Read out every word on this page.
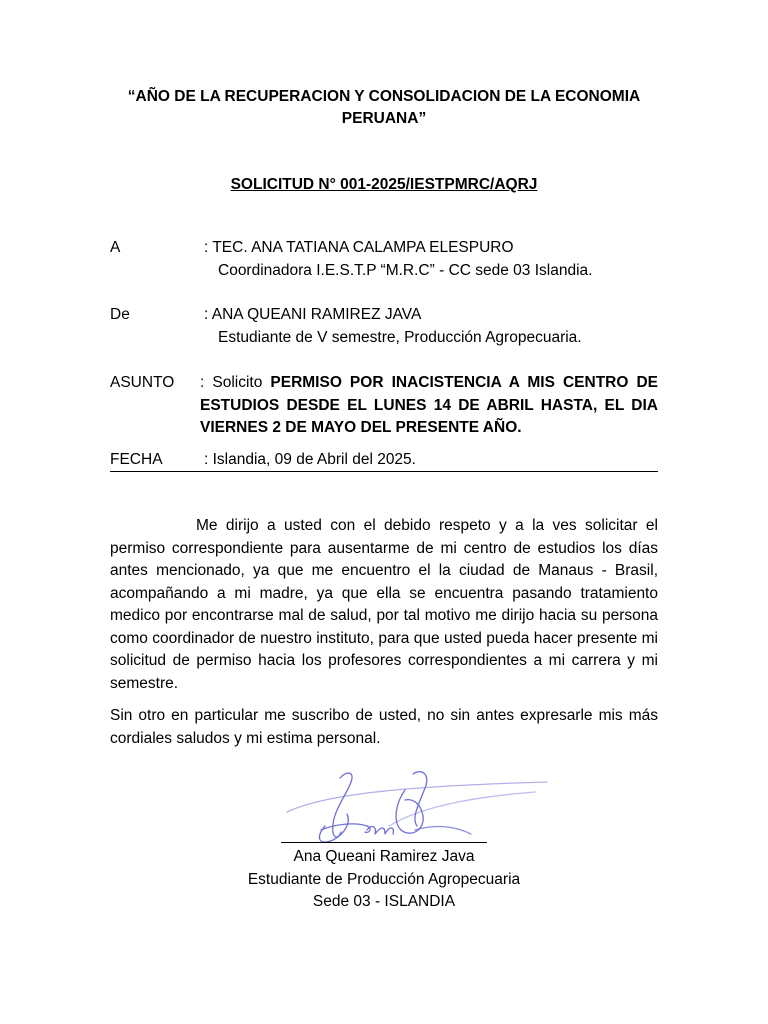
“AÑO DE LA RECUPERACION Y CONSOLIDACION DE LA ECONOMIA
PERUANA”
SOLICITUD N° 001-2025/IESTPMRC/AQRJ
A	: TEC. ANA TATIANA CALAMPA ELESPURO
Coordinadora I.E.S.T.P “M.R.C” - CC sede 03 Islandia.
De	: ANA QUEANI RAMIREZ JAVA
Estudiante de V semestre, Producción Agropecuaria.
ASUNTO : Solicito PERMISO POR INACISTENCIA A MIS CENTRO DE ESTUDIOS DESDE EL LUNES 14 DE ABRIL HASTA, EL DIA VIERNES 2 DE MAYO DEL PRESENTE AÑO.
FECHA	: Islandia, 09 de Abril del 2025.

Me dirijo a usted con el debido respeto y a la ves solicitar el permiso correspondiente para ausentarme de mi centro de estudios los días antes mencionado, ya que me encuentro el la ciudad de Manaus - Brasil, acompañando a mi madre, ya que ella se encuentra pasando tratamiento medico por encontrarse mal de salud, por tal motivo me dirijo hacia su persona como coordinador de nuestro instituto, para que usted pueda hacer presente mi solicitud de permiso hacia los profesores correspondientes a mi carrera y mi semestre.

Sin otro en particular me suscribo de usted, no sin antes expresarle mis más cordiales saludos y mi estima personal.

Ana Queani Ramirez Java
Estudiante de Producción Agropecuaria
Sede 03 - ISLANDIA
